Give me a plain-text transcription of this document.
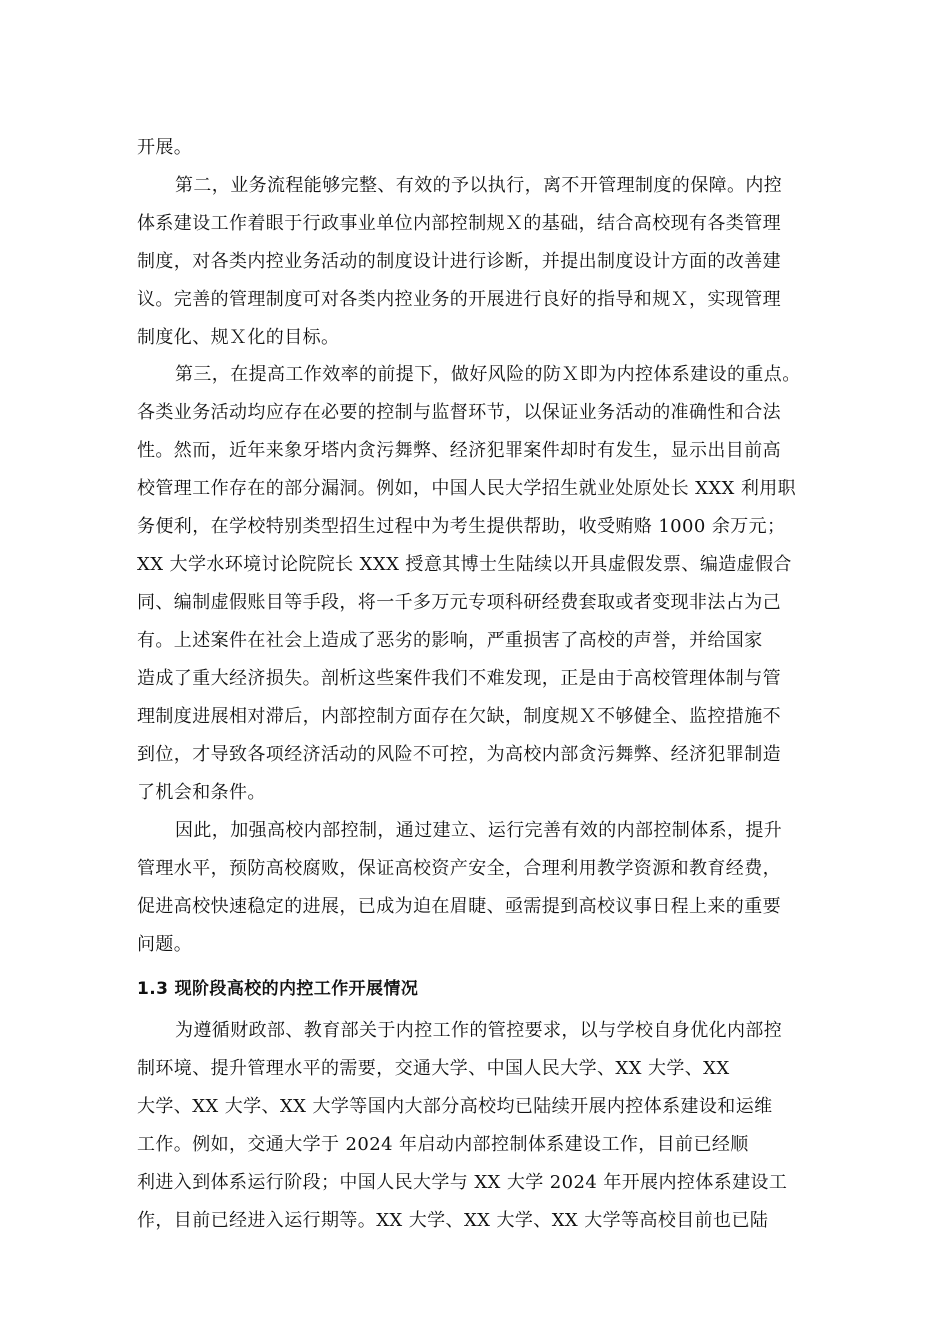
开展。
第二，业务流程能够完整、有效的予以执行，离不开管理制度的保障。内控
体系建设工作着眼于行政事业单位内部控制规Ｘ的基础，结合高校现有各类管理
制度，对各类内控业务活动的制度设计进行诊断，并提出制度设计方面的改善建
议。完善的管理制度可对各类内控业务的开展进行良好的指导和规Ｘ，实现管理
制度化、规Ｘ化的目标。
第三，在提高工作效率的前提下，做好风险的防Ｘ即为内控体系建设的重点。
各类业务活动均应存在必要的控制与监督环节，以保证业务活动的准确性和合法
性。然而，近年来象牙塔内贪污舞弊、经济犯罪案件却时有发生，显示出目前高
校管理工作存在的部分漏洞。例如，中国人民大学招生就业处原处长 XXX 利用职
务便利，在学校特别类型招生过程中为考生提供帮助，收受贿赂 1000 余万元；
XX 大学水环境讨论院院长 XXX 授意其博士生陆续以开具虚假发票、编造虚假合
同、编制虚假账目等手段，将一千多万元专项科研经费套取或者变现非法占为己
有。上述案件在社会上造成了恶劣的影响，严重损害了高校的声誉，并给国家
造成了重大经济损失。剖析这些案件我们不难发现，正是由于高校管理体制与管
理制度进展相对滞后，内部控制方面存在欠缺，制度规Ｘ不够健全、监控措施不
到位，才导致各项经济活动的风险不可控，为高校内部贪污舞弊、经济犯罪制造
了机会和条件。
因此，加强高校内部控制，通过建立、运行完善有效的内部控制体系，提升
管理水平，预防高校腐败，保证高校资产安全，合理利用教学资源和教育经费，
促进高校快速稳定的进展，已成为迫在眉睫、亟需提到高校议事日程上来的重要
问题。
1.3 现阶段高校的内控工作开展情况
为遵循财政部、教育部关于内控工作的管控要求，以与学校自身优化内部控
制环境、提升管理水平的需要，交通大学、中国人民大学、XX 大学、XX
大学、XX 大学、XX 大学等国内大部分高校均已陆续开展内控体系建设和运维
工作。例如，交通大学于 2024 年启动内部控制体系建设工作，目前已经顺
利进入到体系运行阶段；中国人民大学与 XX 大学 2024 年开展内控体系建设工
作，目前已经进入运行期等。XX 大学、XX 大学、XX 大学等高校目前也已陆
